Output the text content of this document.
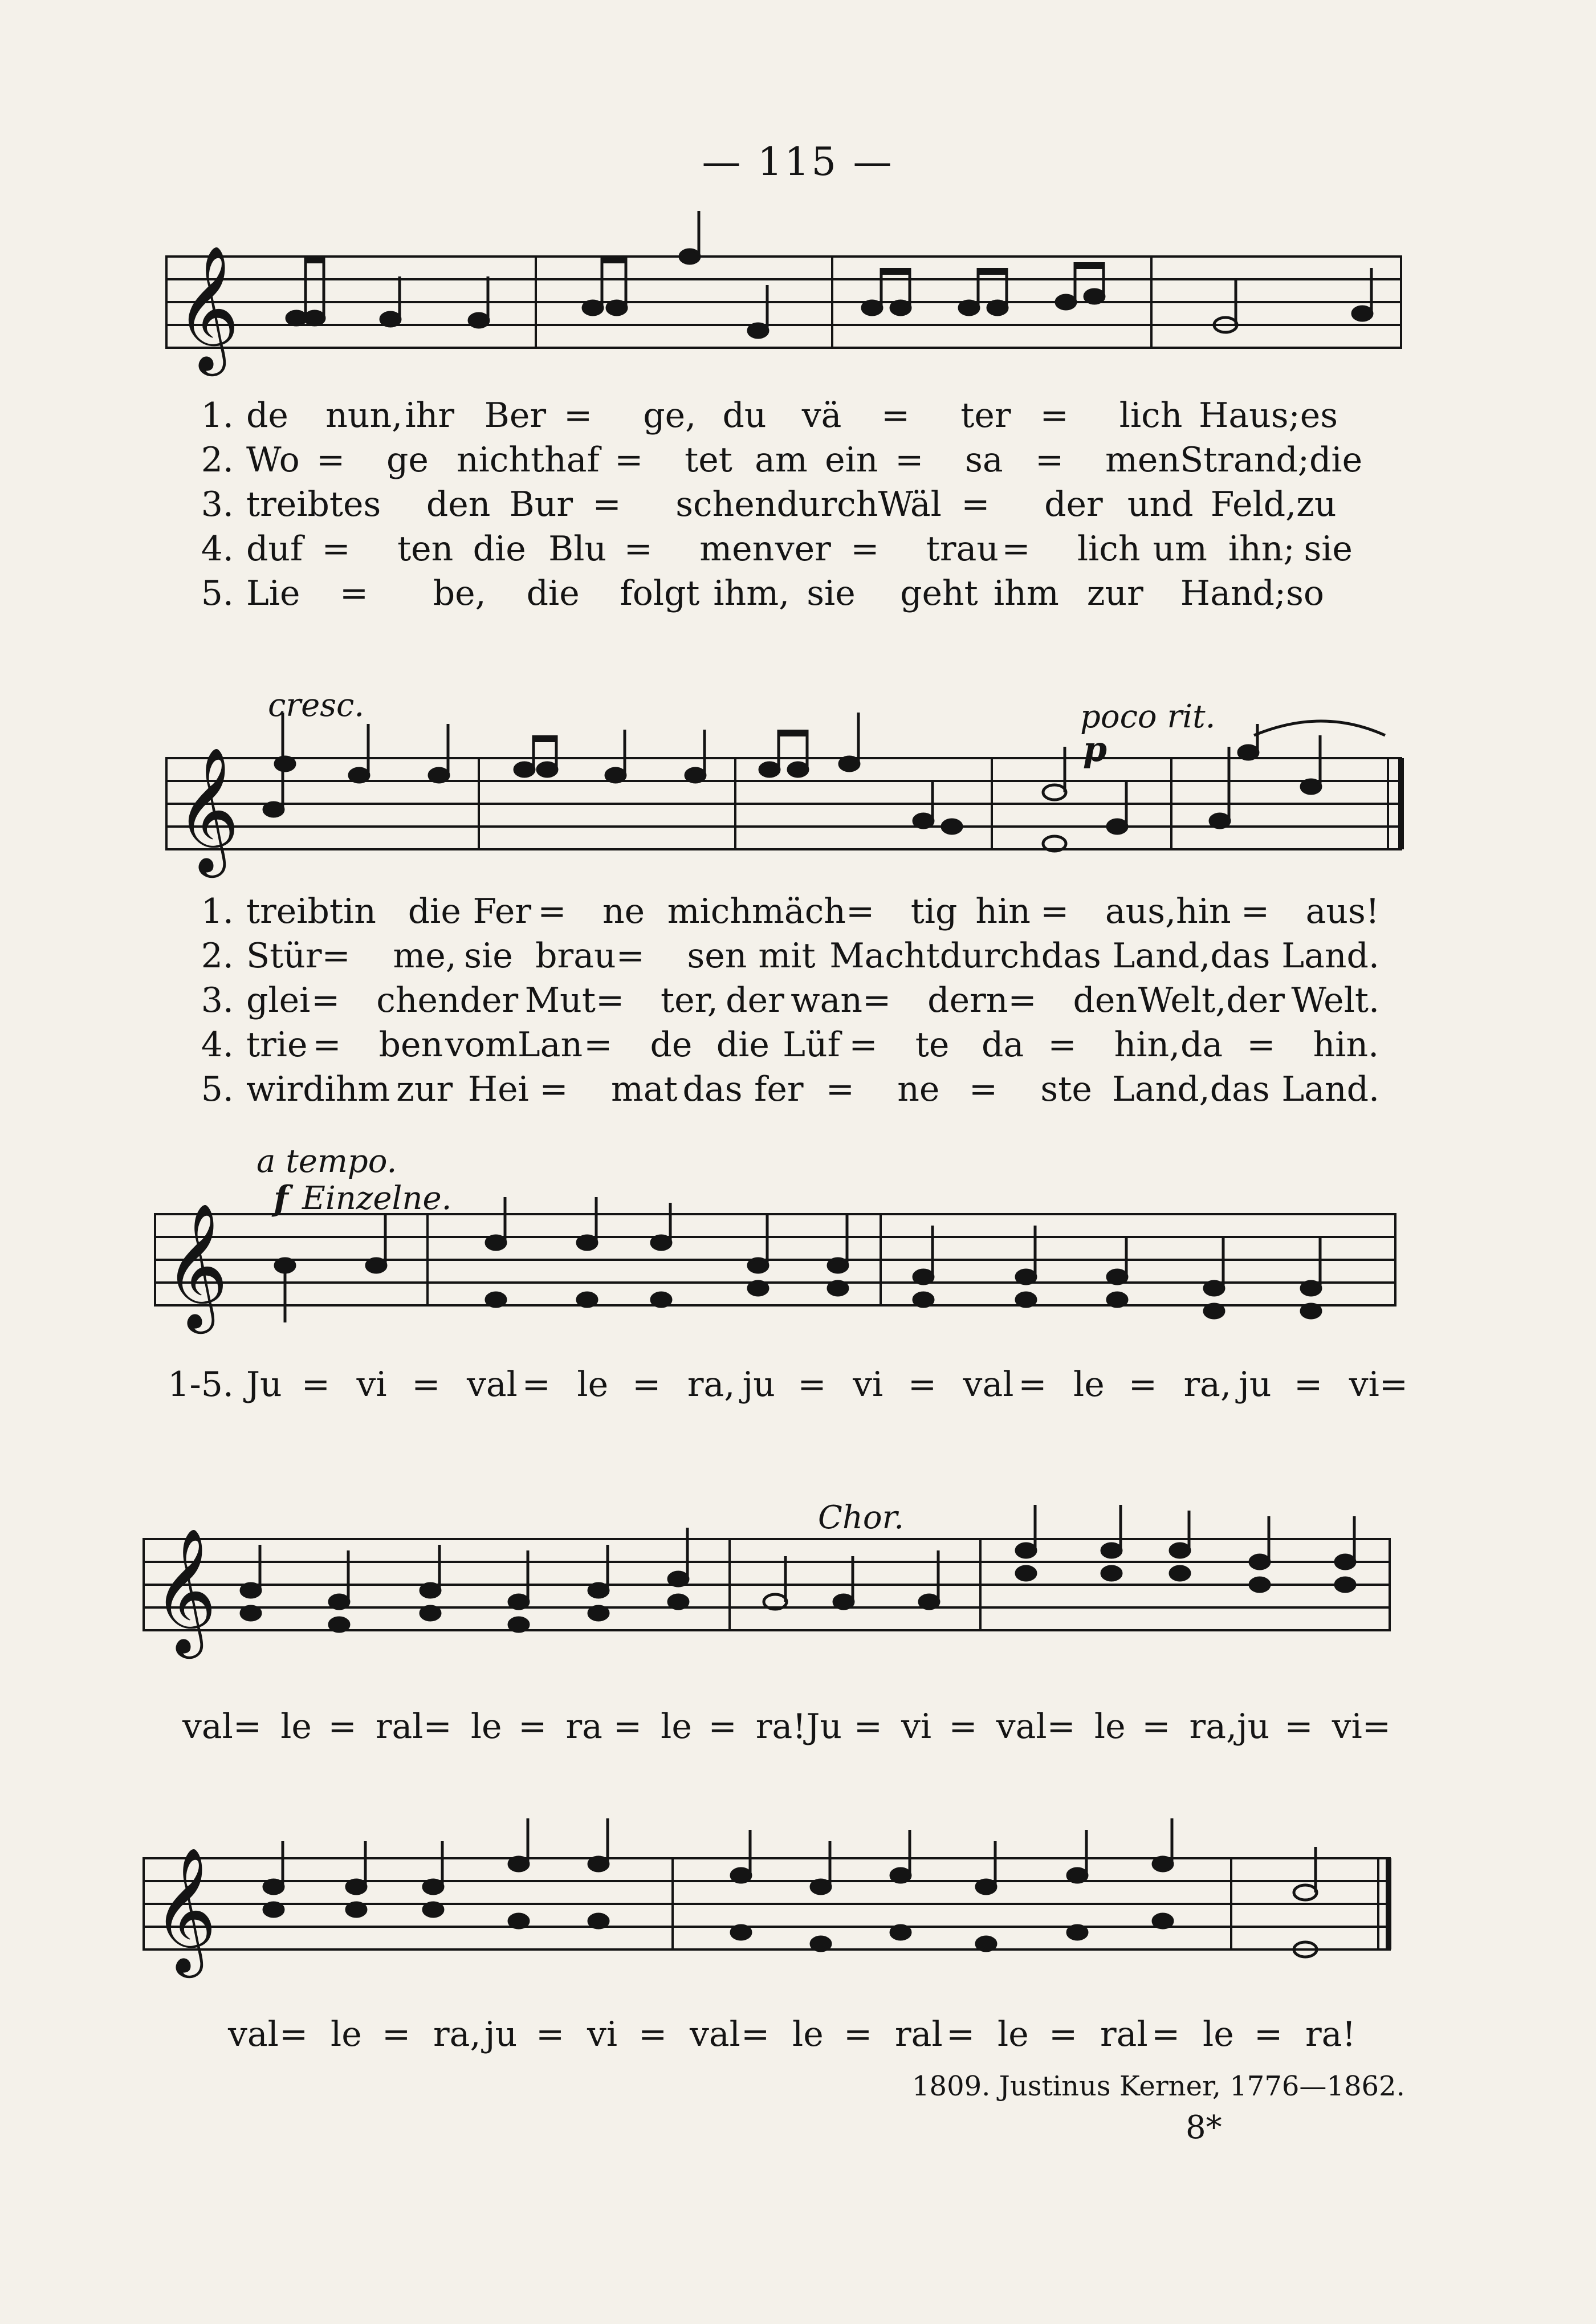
— 115 —
𝄞
1. de	nun, ihr Ber =	ge, du	vä	=	ter =	lich Haus; es
2. Wo =	ge nicht haf =	tet am ein =	sa =	men Strand; die
3. treibt es	den Bur =	schen durch Wäl =	der und Feld, zu
4. duf =	ten die Blu =	men ver =	trau =	lich um ihn; sie
5. Lie	=	be,	die	folgt ihm, sie	geht ihm zur	Hand; so
cresc.	poco rit.
p
𝄞
1. treibt in die Fer =	ne mich mäch =	tig hin =	aus, hin =	aus!
2. Stür =	me, sie brau =	sen mit Macht durch das Land, das Land.
3. glei =	chen der Mut =	ter, der wan =	dern =	den Welt, der Welt.
4. trie =	ben vom Lan =	de die Lüf =	te da =	hin, da =	hin.
5. wird ihm zur Hei =	mat das fer =	ne =	ste Land, das Land.
a tempo.
f Einzelne.
𝄞
1-5. Ju = vi = val = le = ra, ju = vi = val = le = ra, ju = vi=
Chor.
𝄞
val = le = ral = le = ra = le = ra! Ju = vi = val = le = ra, ju = vi=
𝄞
val = le = ra, ju = vi = val = le = ral = le = ral = le = ra!
1809. Justinus Kerner, 1776—1862.
8*
